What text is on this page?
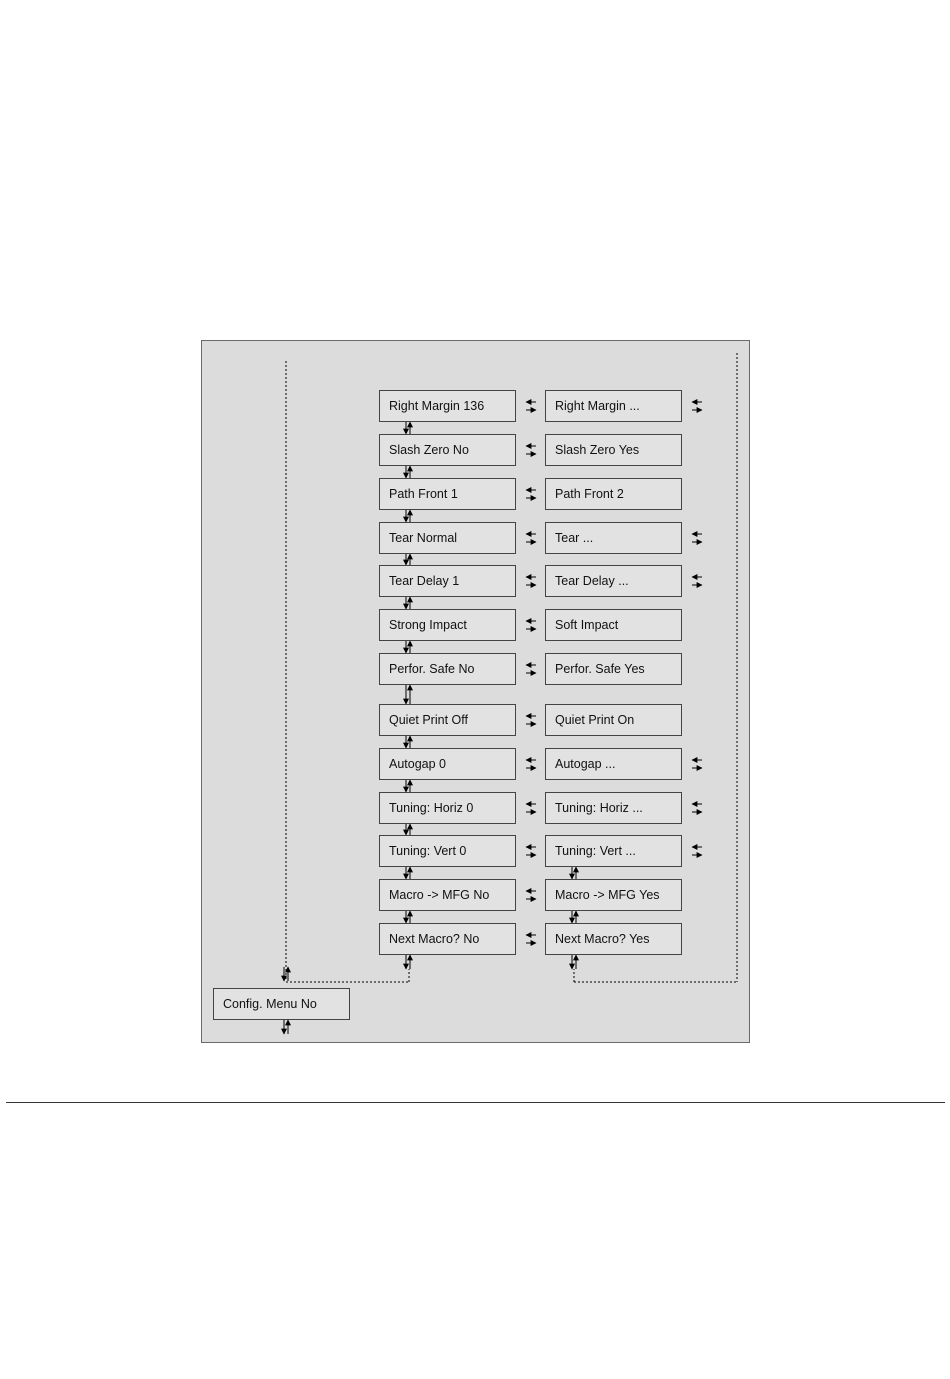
Right Margin 136	Right Margin ...
Slash Zero No	Slash Zero Yes
Path Front 1	Path Front 2
Tear Normal	Tear ...
Tear Delay 1	Tear Delay ...
Strong Impact	Soft Impact
Perfor. Safe No	Perfor. Safe Yes
Quiet Print Off	Quiet Print On
Autogap 0	Autogap ...
Tuning: Horiz 0	Tuning: Horiz ...
Tuning: Vert 0	Tuning: Vert ...
Macro -> MFG No	Macro -> MFG Yes
Next Macro? No	Next Macro? Yes
Config. Menu No
